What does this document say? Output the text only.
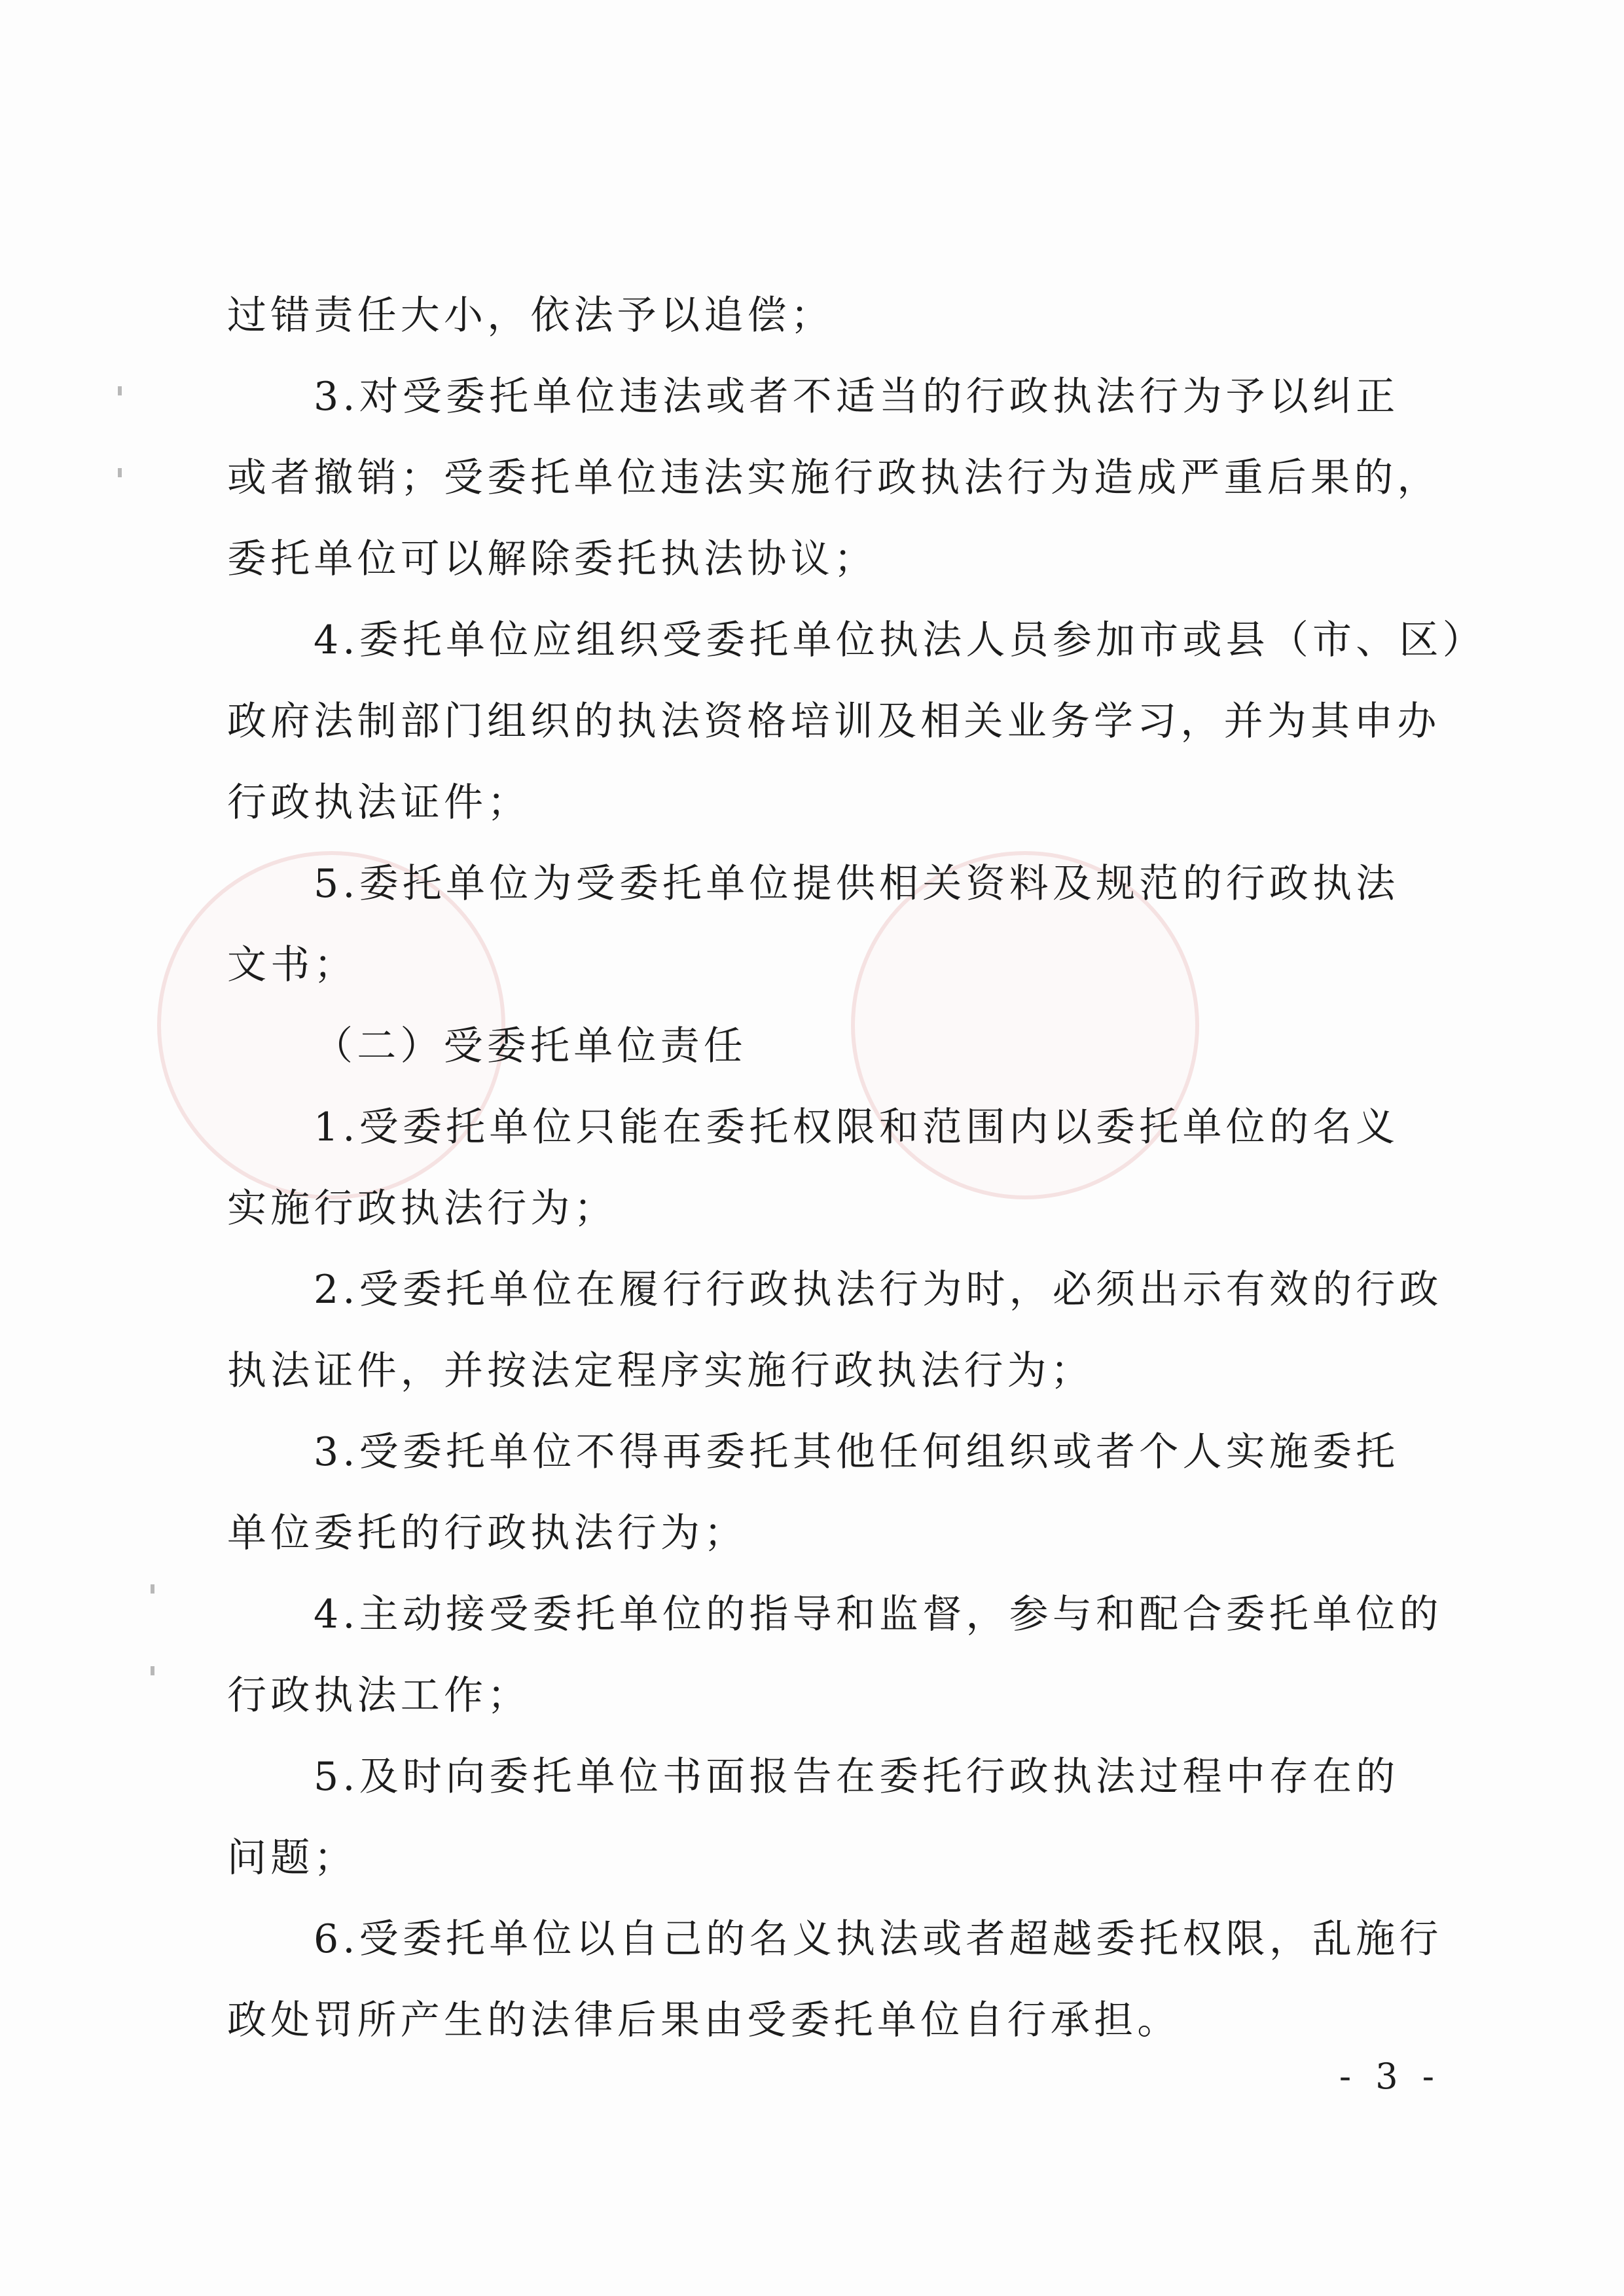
过错责任大小，依法予以追偿；
3.对受委托单位违法或者不适当的行政执法行为予以纠正
或者撤销；受委托单位违法实施行政执法行为造成严重后果的，
委托单位可以解除委托执法协议；
4.委托单位应组织受委托单位执法人员参加市或县（市、区）
政府法制部门组织的执法资格培训及相关业务学习，并为其申办
行政执法证件；
5.委托单位为受委托单位提供相关资料及规范的行政执法
文书；
（二）受委托单位责任
1.受委托单位只能在委托权限和范围内以委托单位的名义
实施行政执法行为；
2.受委托单位在履行行政执法行为时，必须出示有效的行政
执法证件，并按法定程序实施行政执法行为；
3.受委托单位不得再委托其他任何组织或者个人实施委托
单位委托的行政执法行为；
4.主动接受委托单位的指导和监督，参与和配合委托单位的
行政执法工作；
5.及时向委托单位书面报告在委托行政执法过程中存在的
问题；
6.受委托单位以自己的名义执法或者超越委托权限，乱施行
政处罚所产生的法律后果由受委托单位自行承担。
- 3 -
